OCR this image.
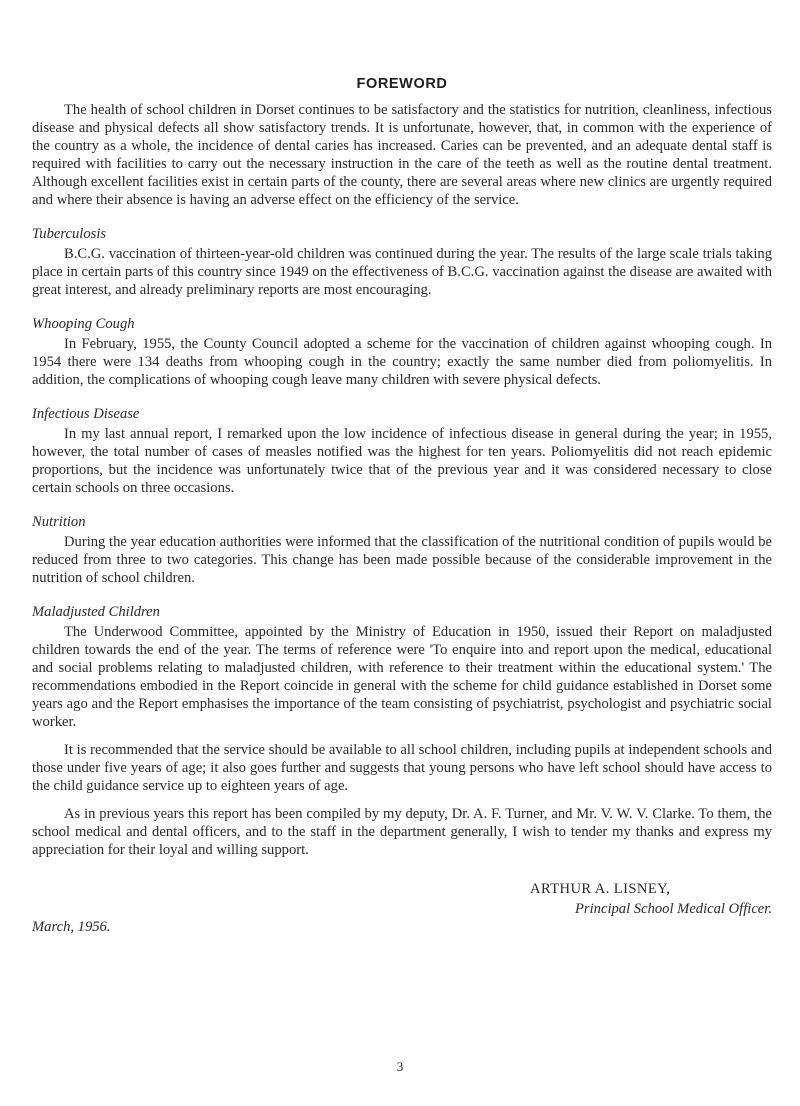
FOREWORD

The health of school children in Dorset continues to be satisfactory and the statistics for nutrition, cleanliness, infectious disease and physical defects all show satisfactory trends. It is unfortunate, however, that, in common with the experience of the country as a whole, the incidence of dental caries has increased. Caries can be prevented, and an adequate dental staff is required with facilities to carry out the necessary instruction in the care of the teeth as well as the routine dental treatment. Although excellent facilities exist in certain parts of the county, there are several areas where new clinics are urgently required and where their absence is having an adverse effect on the efficiency of the service.

Tuberculosis

B.C.G. vaccination of thirteen-year-old children was continued during the year. The results of the large scale trials taking place in certain parts of this country since 1949 on the effectiveness of B.C.G. vaccination against the disease are awaited with great interest, and already preliminary reports are most encouraging.

Whooping Cough

In February, 1955, the County Council adopted a scheme for the vaccination of children against whooping cough. In 1954 there were 134 deaths from whooping cough in the country; exactly the same number died from poliomyelitis. In addition, the complications of whooping cough leave many children with severe physical defects.

Infectious Disease

In my last annual report, I remarked upon the low incidence of infectious disease in general during the year; in 1955, however, the total number of cases of measles notified was the highest for ten years. Poliomyelitis did not reach epidemic proportions, but the incidence was unfortunately twice that of the previous year and it was considered necessary to close certain schools on three occasions.

Nutrition

During the year education authorities were informed that the classification of the nutritional condition of pupils would be reduced from three to two categories. This change has been made possible because of the considerable improvement in the nutrition of school children.

Maladjusted Children

The Underwood Committee, appointed by the Ministry of Education in 1950, issued their Report on maladjusted children towards the end of the year. The terms of reference were 'To enquire into and report upon the medical, educational and social problems relating to maladjusted children, with reference to their treatment within the educational system.' The recommendations embodied in the Report coincide in general with the scheme for child guidance established in Dorset some years ago and the Report emphasises the importance of the team consisting of psychiatrist, psychologist and psychiatric social worker.

It is recommended that the service should be available to all school children, including pupils at independent schools and those under five years of age; it also goes further and suggests that young persons who have left school should have access to the child guidance service up to eighteen years of age.

As in previous years this report has been compiled by my deputy, Dr. A. F. Turner, and Mr. V. W. V. Clarke. To them, the school medical and dental officers, and to the staff in the department generally, I wish to tender my thanks and express my appreciation for their loyal and willing support.

ARTHUR A. LISNEY,
Principal School Medical Officer.
March, 1956.
3
